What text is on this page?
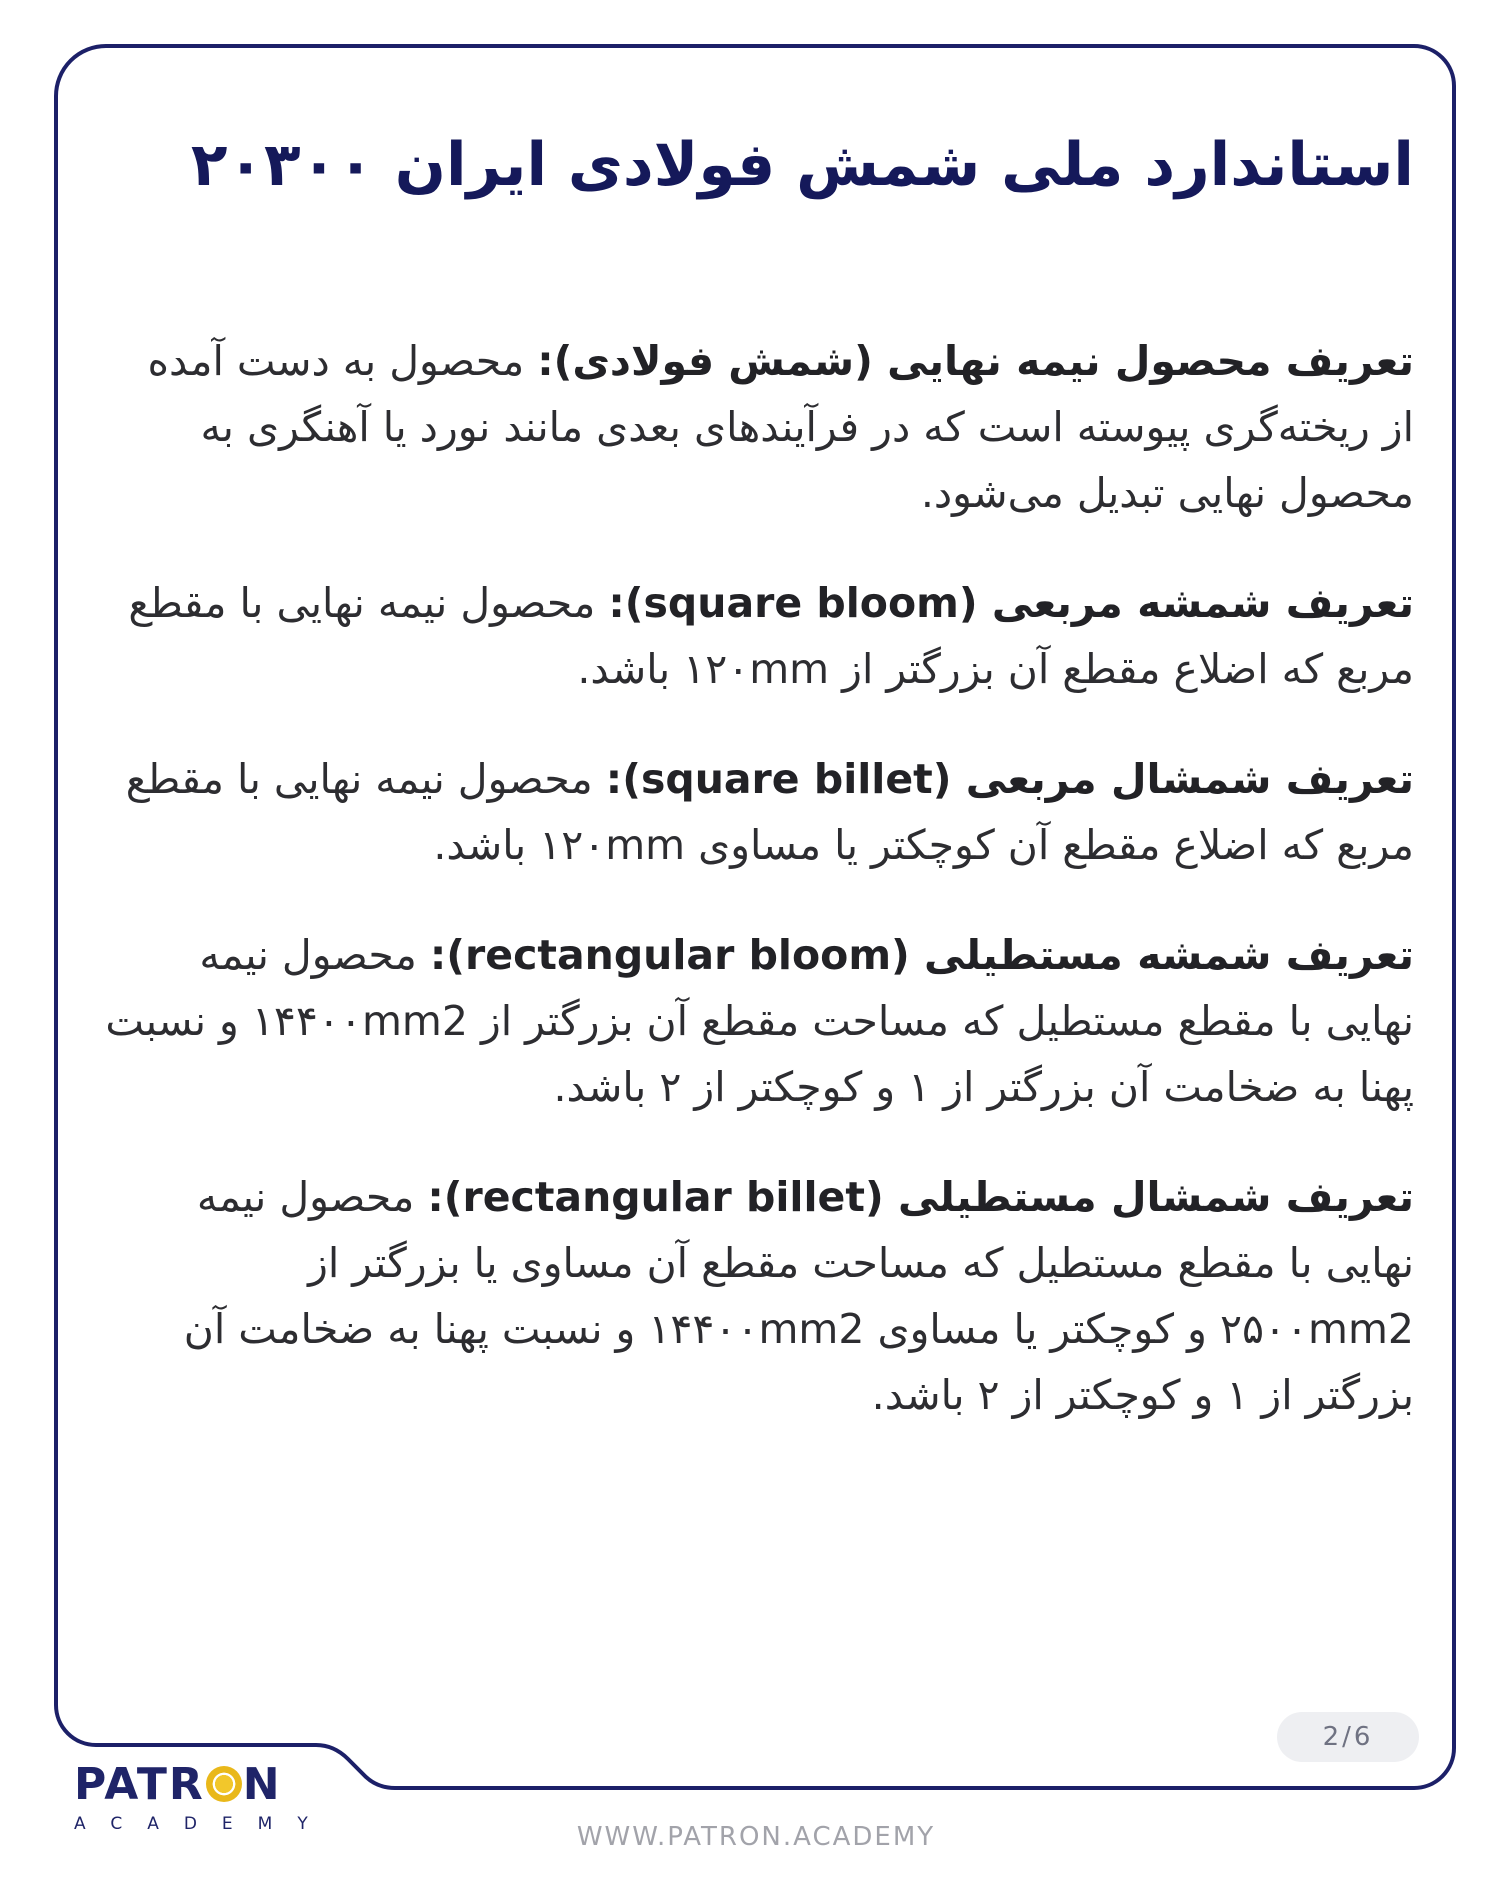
استاندارد ملی شمش فولادی ایران ۲۰۳۰۰

تعریف محصول نیمه نهایی (شمش فولادی): محصول به دست آمده از ریخته‌گری پیوسته است که در فرآیندهای بعدی مانند نورد یا آهنگری به محصول نهایی تبدیل می‌شود.

تعریف شمشه مربعی (square bloom): محصول نیمه نهایی با مقطع مربع که اضلاع مقطع آن بزرگتر از ۱۲۰mm باشد.

تعریف شمشال مربعی (square billet): محصول نیمه نهایی با مقطع مربع که اضلاع مقطع آن کوچکتر یا مساوی ۱۲۰mm باشد.

تعریف شمشه مستطیلی (rectangular bloom): محصول نیمه نهایی با مقطع مستطیل که مساحت مقطع آن بزرگتر از ۱۴۴۰۰mm2 و نسبت پهنا به ضخامت آن بزرگتر از ۱ و کوچکتر از ۲ باشد.

تعریف شمشال مستطیلی (rectangular billet): محصول نیمه نهایی با مقطع مستطیل که مساحت مقطع آن مساوی یا بزرگتر از ۲۵۰۰mm2 و کوچکتر یا مساوی ۱۴۴۰۰mm2 و نسبت پهنا به ضخامت آن بزرگتر از ۱ و کوچکتر از ۲ باشد.

2/6
PATR N
ACADEMY	WWW.PATRON.ACADEMY
